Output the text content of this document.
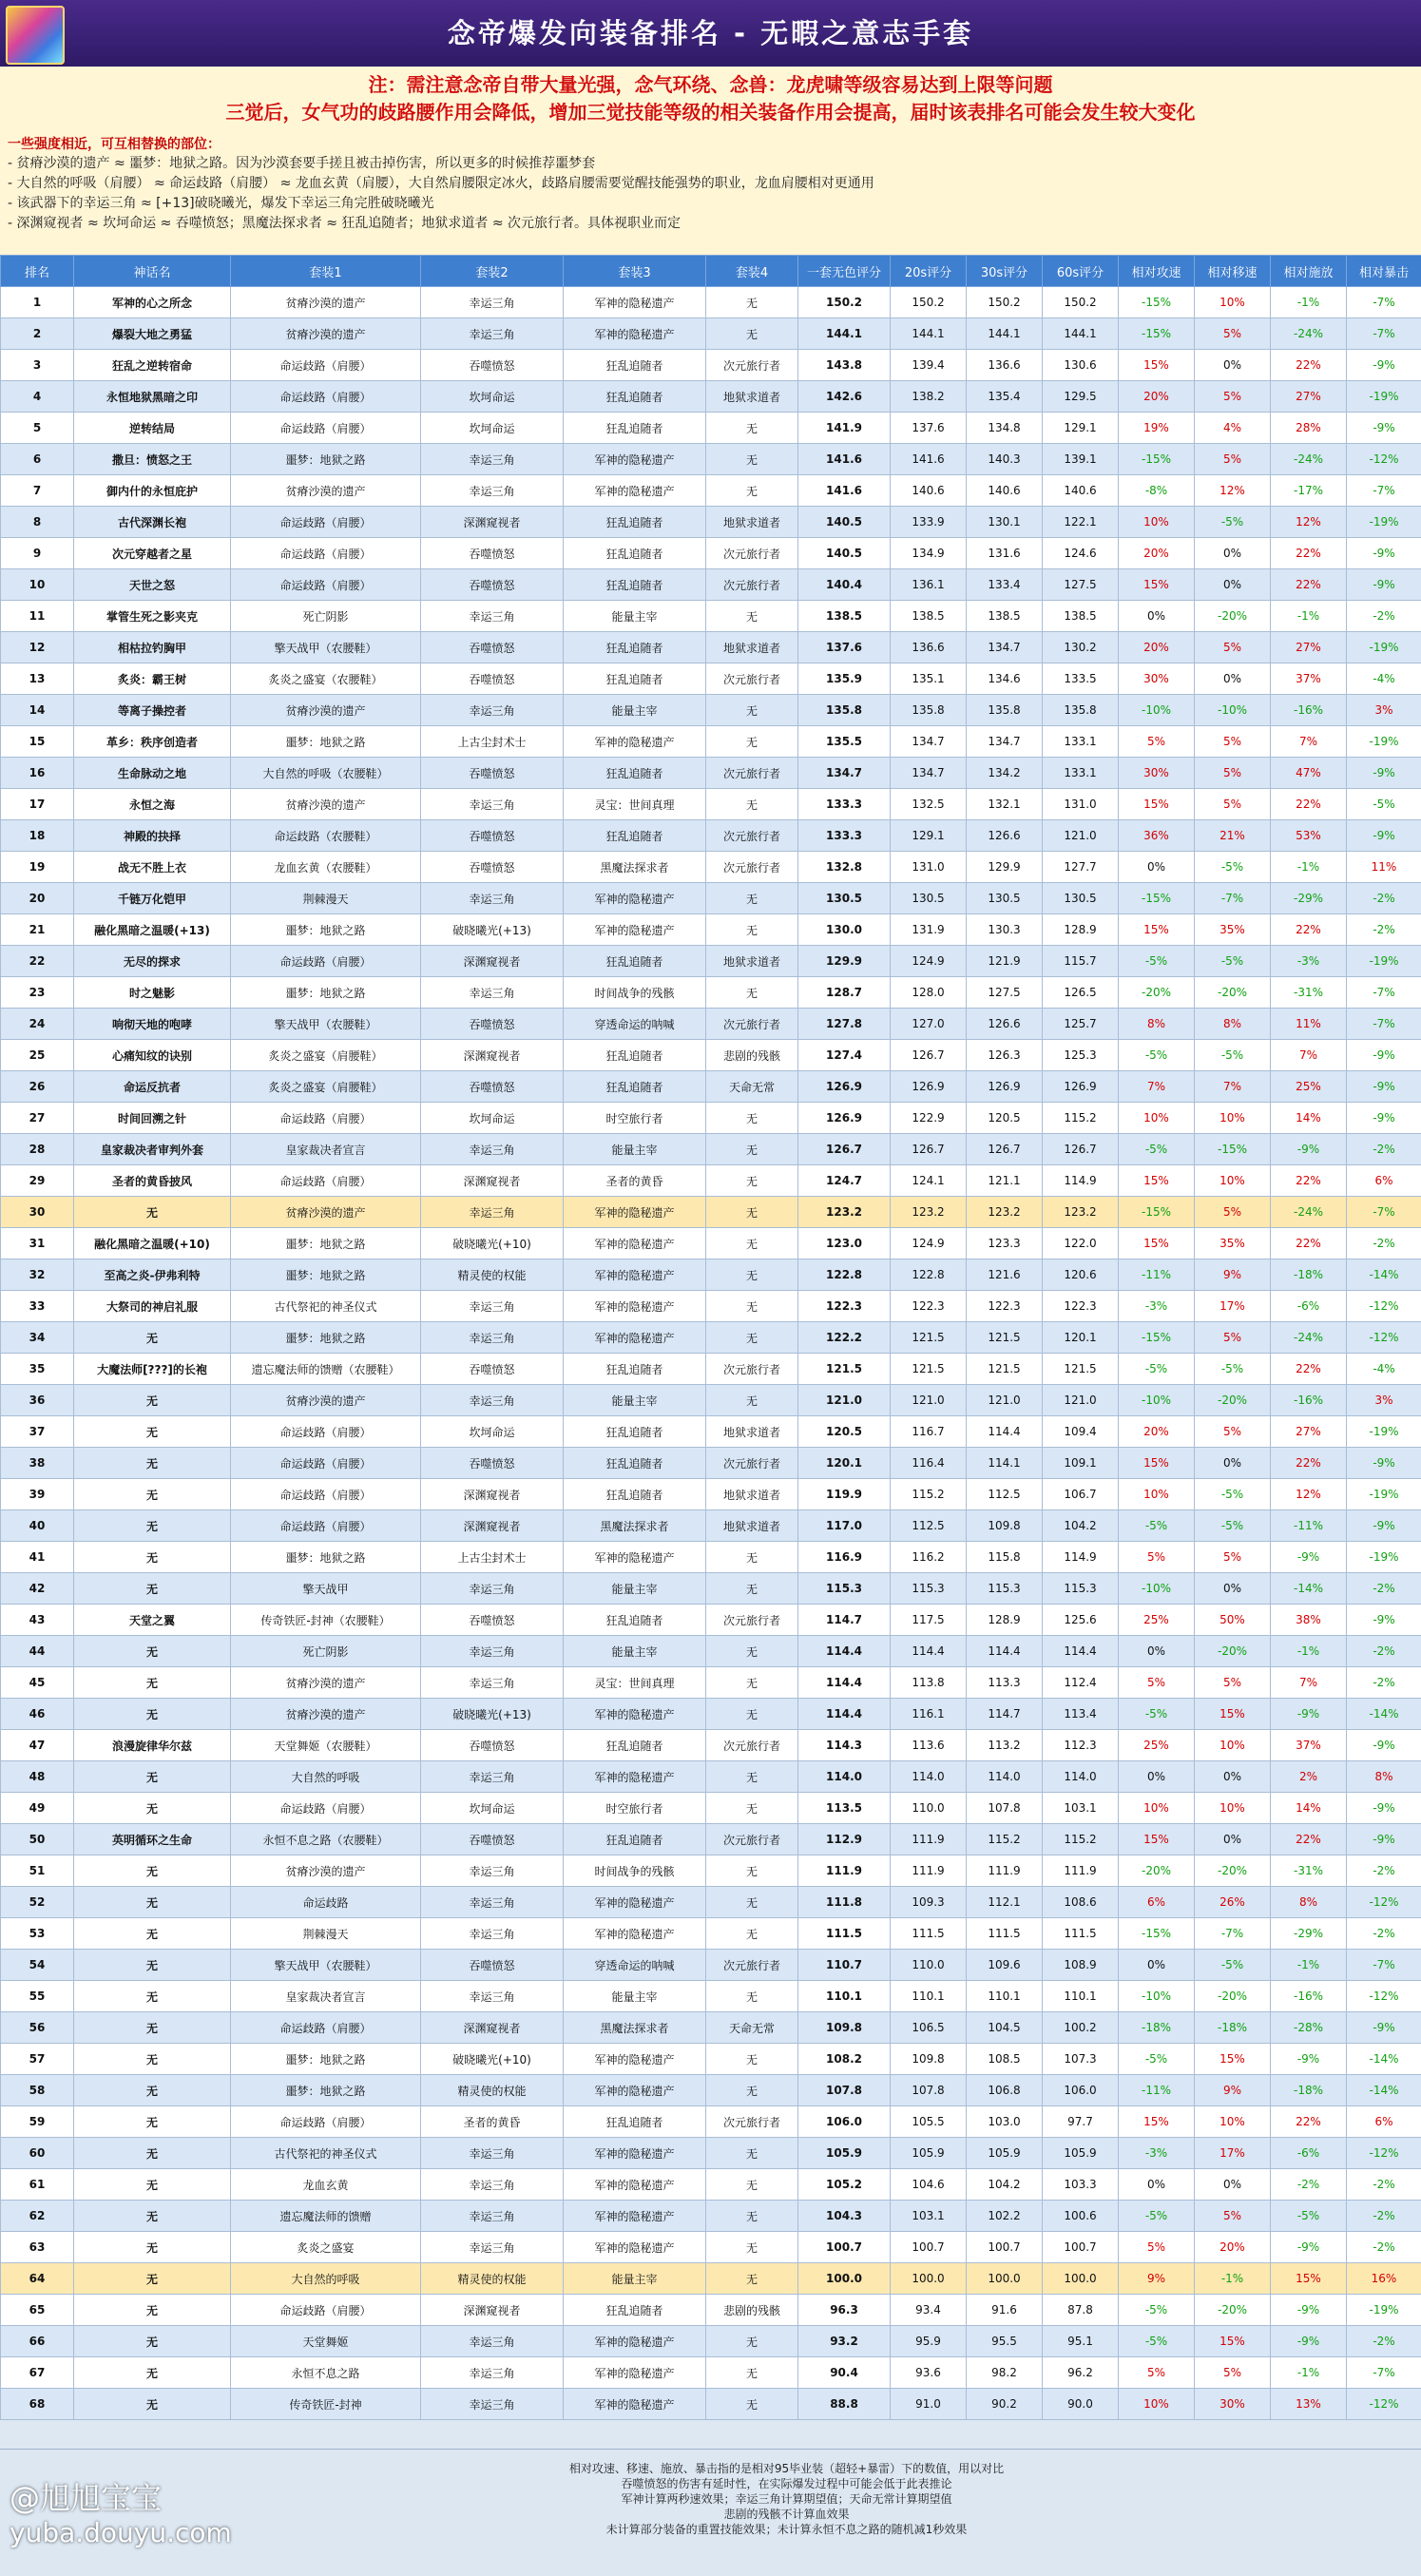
念帝爆发向装备排名 - 无暇之意志手套
注：需注意念帝自带大量光强，念气环绕、念兽：龙虎啸等级容易达到上限等问题
三觉后，女气功的歧路腰作用会降低，增加三觉技能等级的相关装备作用会提高，届时该表排名可能会发生较大变化
一些强度相近，可互相替换的部位：
- 贫瘠沙漠的遗产 ≈ 噩梦：地狱之路。因为沙漠套要手搓且被击掉伤害，所以更多的时候推荐噩梦套
- 大自然的呼吸（肩腰） ≈ 命运歧路（肩腰） ≈ 龙血玄黄（肩腰），大自然肩腰限定冰火，歧路肩腰需要觉醒技能强势的职业，龙血肩腰相对更通用
- 该武器下的幸运三角 ≈ [+13]破晓曦光，爆发下幸运三角完胜破晓曦光
- 深渊窥视者 ≈ 坎坷命运 ≈ 吞噬愤怒；黑魔法探求者 ≈ 狂乱追随者；地狱求道者 ≈ 次元旅行者。具体视职业而定
排名	神话名	套装1	套装2	套装3	套装4	一套无色评分	20s评分	30s评分	60s评分	相对攻速	相对移速	相对施放	相对暴击
1	军神的心之所念	贫瘠沙漠的遗产	幸运三角	军神的隐秘遗产	无	150.2	150.2	150.2	150.2	-15%	10%	-1%	-7%
2	爆裂大地之勇猛	贫瘠沙漠的遗产	幸运三角	军神的隐秘遗产	无	144.1	144.1	144.1	144.1	-15%	5%	-24%	-7%
3	狂乱之逆转宿命	命运歧路（肩腰）	吞噬愤怒	狂乱追随者	次元旅行者	143.8	139.4	136.6	130.6	15%	0%	22%	-9%
4	永恒地狱黑暗之印	命运歧路（肩腰）	坎坷命运	狂乱追随者	地狱求道者	142.6	138.2	135.4	129.5	20%	5%	27%	-19%
5	逆转结局	命运歧路（肩腰）	坎坷命运	狂乱追随者	无	141.9	137.6	134.8	129.1	19%	4%	28%	-9%
6	撒旦：愤怒之王	噩梦：地狱之路	幸运三角	军神的隐秘遗产	无	141.6	141.6	140.3	139.1	-15%	5%	-24%	-12%
7	御内什的永恒庇护	贫瘠沙漠的遗产	幸运三角	军神的隐秘遗产	无	141.6	140.6	140.6	140.6	-8%	12%	-17%	-7%
8	古代深渊长袍	命运歧路（肩腰）	深渊窥视者	狂乱追随者	地狱求道者	140.5	133.9	130.1	122.1	10%	-5%	12%	-19%
9	次元穿越者之星	命运歧路（肩腰）	吞噬愤怒	狂乱追随者	次元旅行者	140.5	134.9	131.6	124.6	20%	0%	22%	-9%
10	天世之怒	命运歧路（肩腰）	吞噬愤怒	狂乱追随者	次元旅行者	140.4	136.1	133.4	127.5	15%	0%	22%	-9%
11	掌管生死之影夹克	死亡阴影	幸运三角	能量主宰	无	138.5	138.5	138.5	138.5	0%	-20%	-1%	-2%
12	相枯拉钓胸甲	擎天战甲（农腰鞋）	吞噬愤怒	狂乱追随者	地狱求道者	137.6	136.6	134.7	130.2	20%	5%	27%	-19%
13	炙炎：霸王树	炙炎之盛宴（农腰鞋）	吞噬愤怒	狂乱追随者	次元旅行者	135.9	135.1	134.6	133.5	30%	0%	37%	-4%
14	等离子操控者	贫瘠沙漠的遗产	幸运三角	能量主宰	无	135.8	135.8	135.8	135.8	-10%	-10%	-16%	3%
15	革乡：秩序创造者	噩梦：地狱之路	上古尘封术士	军神的隐秘遗产	无	135.5	134.7	134.7	133.1	5%	5%	7%	-19%
16	生命脉动之地	大自然的呼吸（农腰鞋）	吞噬愤怒	狂乱追随者	次元旅行者	134.7	134.7	134.2	133.1	30%	5%	47%	-9%
17	永恒之海	贫瘠沙漠的遗产	幸运三角	灵宝：世间真理	无	133.3	132.5	132.1	131.0	15%	5%	22%	-5%
18	神殿的抉择	命运歧路（农腰鞋）	吞噬愤怒	狂乱追随者	次元旅行者	133.3	129.1	126.6	121.0	36%	21%	53%	-9%
19	战无不胜上衣	龙血玄黄（农腰鞋）	吞噬愤怒	黑魔法探求者	次元旅行者	132.8	131.0	129.9	127.7	0%	-5%	-1%	11%
20	千链万化铠甲	荆棘漫天	幸运三角	军神的隐秘遗产	无	130.5	130.5	130.5	130.5	-15%	-7%	-29%	-2%
21	融化黑暗之温暖(+13)	噩梦：地狱之路	破晓曦光(+13)	军神的隐秘遗产	无	130.0	131.9	130.3	128.9	15%	35%	22%	-2%
22	无尽的探求	命运歧路（肩腰）	深渊窥视者	狂乱追随者	地狱求道者	129.9	124.9	121.9	115.7	-5%	-5%	-3%	-19%
23	时之魅影	噩梦：地狱之路	幸运三角	时间战争的残骸	无	128.7	128.0	127.5	126.5	-20%	-20%	-31%	-7%
24	响彻天地的咆哮	擎天战甲（农腰鞋）	吞噬愤怒	穿透命运的呐喊	次元旅行者	127.8	127.0	126.6	125.7	8%	8%	11%	-7%
25	心痛知纹的诀别	炙炎之盛宴（肩腰鞋）	深渊窥视者	狂乱追随者	悲剧的残骸	127.4	126.7	126.3	125.3	-5%	-5%	7%	-9%
26	命运反抗者	炙炎之盛宴（肩腰鞋）	吞噬愤怒	狂乱追随者	天命无常	126.9	126.9	126.9	126.9	7%	7%	25%	-9%
27	时间回溯之针	命运歧路（肩腰）	坎坷命运	时空旅行者	无	126.9	122.9	120.5	115.2	10%	10%	14%	-9%
28	皇家裁决者审判外套	皇家裁决者宣言	幸运三角	能量主宰	无	126.7	126.7	126.7	126.7	-5%	-15%	-9%	-2%
29	圣者的黄昏披风	命运歧路（肩腰）	深渊窥视者	圣者的黄昏	无	124.7	124.1	121.1	114.9	15%	10%	22%	6%
30	无	贫瘠沙漠的遗产	幸运三角	军神的隐秘遗产	无	123.2	123.2	123.2	123.2	-15%	5%	-24%	-7%
31	融化黑暗之温暖(+10)	噩梦：地狱之路	破晓曦光(+10)	军神的隐秘遗产	无	123.0	124.9	123.3	122.0	15%	35%	22%	-2%
32	至高之炎-伊弗利特	噩梦：地狱之路	精灵使的权能	军神的隐秘遗产	无	122.8	122.8	121.6	120.6	-11%	9%	-18%	-14%
33	大祭司的神启礼服	古代祭祀的神圣仪式	幸运三角	军神的隐秘遗产	无	122.3	122.3	122.3	122.3	-3%	17%	-6%	-12%
34	无	噩梦：地狱之路	幸运三角	军神的隐秘遗产	无	122.2	121.5	121.5	120.1	-15%	5%	-24%	-12%
35	大魔法师[???]的长袍	遗忘魔法师的馈赠（农腰鞋）	吞噬愤怒	狂乱追随者	次元旅行者	121.5	121.5	121.5	121.5	-5%	-5%	22%	-4%
36	无	贫瘠沙漠的遗产	幸运三角	能量主宰	无	121.0	121.0	121.0	121.0	-10%	-20%	-16%	3%
37	无	命运歧路（肩腰）	坎坷命运	狂乱追随者	地狱求道者	120.5	116.7	114.4	109.4	20%	5%	27%	-19%
38	无	命运歧路（肩腰）	吞噬愤怒	狂乱追随者	次元旅行者	120.1	116.4	114.1	109.1	15%	0%	22%	-9%
39	无	命运歧路（肩腰）	深渊窥视者	狂乱追随者	地狱求道者	119.9	115.2	112.5	106.7	10%	-5%	12%	-19%
40	无	命运歧路（肩腰）	深渊窥视者	黑魔法探求者	地狱求道者	117.0	112.5	109.8	104.2	-5%	-5%	-11%	-9%
41	无	噩梦：地狱之路	上古尘封术士	军神的隐秘遗产	无	116.9	116.2	115.8	114.9	5%	5%	-9%	-19%
42	无	擎天战甲	幸运三角	能量主宰	无	115.3	115.3	115.3	115.3	-10%	0%	-14%	-2%
43	天堂之翼	传奇铁匠-封神（农腰鞋）	吞噬愤怒	狂乱追随者	次元旅行者	114.7	117.5	128.9	125.6	25%	50%	38%	-9%
44	无	死亡阴影	幸运三角	能量主宰	无	114.4	114.4	114.4	114.4	0%	-20%	-1%	-2%
45	无	贫瘠沙漠的遗产	幸运三角	灵宝：世间真理	无	114.4	113.8	113.3	112.4	5%	5%	7%	-2%
46	无	贫瘠沙漠的遗产	破晓曦光(+13)	军神的隐秘遗产	无	114.4	116.1	114.7	113.4	-5%	15%	-9%	-14%
47	浪漫旋律华尔兹	天堂舞姬（农腰鞋）	吞噬愤怒	狂乱追随者	次元旅行者	114.3	113.6	113.2	112.3	25%	10%	37%	-9%
48	无	大自然的呼吸	幸运三角	军神的隐秘遗产	无	114.0	114.0	114.0	114.0	0%	0%	2%	8%
49	无	命运歧路（肩腰）	坎坷命运	时空旅行者	无	113.5	110.0	107.8	103.1	10%	10%	14%	-9%
50	英明循环之生命	永恒不息之路（农腰鞋）	吞噬愤怒	狂乱追随者	次元旅行者	112.9	111.9	115.2	115.2	15%	0%	22%	-9%
51	无	贫瘠沙漠的遗产	幸运三角	时间战争的残骸	无	111.9	111.9	111.9	111.9	-20%	-20%	-31%	-2%
52	无	命运歧路	幸运三角	军神的隐秘遗产	无	111.8	109.3	112.1	108.6	6%	26%	8%	-12%
53	无	荆棘漫天	幸运三角	军神的隐秘遗产	无	111.5	111.5	111.5	111.5	-15%	-7%	-29%	-2%
54	无	擎天战甲（农腰鞋）	吞噬愤怒	穿透命运的呐喊	次元旅行者	110.7	110.0	109.6	108.9	0%	-5%	-1%	-7%
55	无	皇家裁决者宣言	幸运三角	能量主宰	无	110.1	110.1	110.1	110.1	-10%	-20%	-16%	-12%
56	无	命运歧路（肩腰）	深渊窥视者	黑魔法探求者	天命无常	109.8	106.5	104.5	100.2	-18%	-18%	-28%	-9%
57	无	噩梦：地狱之路	破晓曦光(+10)	军神的隐秘遗产	无	108.2	109.8	108.5	107.3	-5%	15%	-9%	-14%
58	无	噩梦：地狱之路	精灵使的权能	军神的隐秘遗产	无	107.8	107.8	106.8	106.0	-11%	9%	-18%	-14%
59	无	命运歧路（肩腰）	圣者的黄昏	狂乱追随者	次元旅行者	106.0	105.5	103.0	97.7	15%	10%	22%	6%
60	无	古代祭祀的神圣仪式	幸运三角	军神的隐秘遗产	无	105.9	105.9	105.9	105.9	-3%	17%	-6%	-12%
61	无	龙血玄黄	幸运三角	军神的隐秘遗产	无	105.2	104.6	104.2	103.3	0%	0%	-2%	-2%
62	无	遗忘魔法师的馈赠	幸运三角	军神的隐秘遗产	无	104.3	103.1	102.2	100.6	-5%	5%	-5%	-2%
63	无	炙炎之盛宴	幸运三角	军神的隐秘遗产	无	100.7	100.7	100.7	100.7	5%	20%	-9%	-2%
64	无	大自然的呼吸	精灵使的权能	能量主宰	无	100.0	100.0	100.0	100.0	9%	-1%	15%	16%
65	无	命运歧路（肩腰）	深渊窥视者	狂乱追随者	悲剧的残骸	96.3	93.4	91.6	87.8	-5%	-20%	-9%	-19%
66	无	天堂舞姬	幸运三角	军神的隐秘遗产	无	93.2	95.9	95.5	95.1	-5%	15%	-9%	-2%
67	无	永恒不息之路	幸运三角	军神的隐秘遗产	无	90.4	93.6	98.2	96.2	5%	5%	-1%	-7%
68	无	传奇铁匠-封神	幸运三角	军神的隐秘遗产	无	88.8	91.0	90.2	90.0	10%	30%	13%	-12%
相对攻速、移速、施放、暴击指的是相对95毕业装（超轻+暴雷）下的数值，用以对比
吞噬愤怒的伤害有延时性，在实际爆发过程中可能会低于此表推论
军神计算两秒速效果；幸运三角计算期望值；天命无常计算期望值
悲剧的残骸不计算血效果
未计算部分装备的重置技能效果；未计算永恒不息之路的随机减1秒效果
@旭旭宝宝
yuba.douyu.com
